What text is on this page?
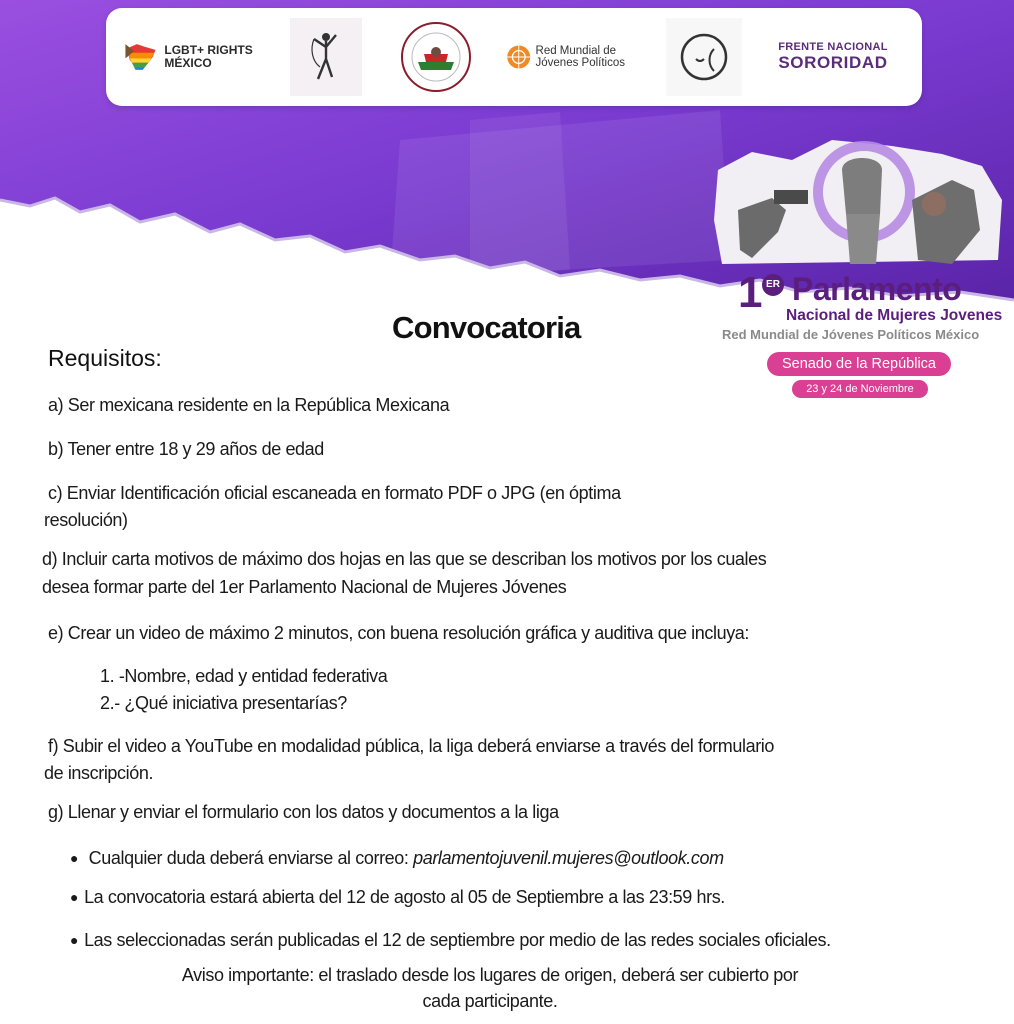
LGBT+ RIGHTS MÉXICO
Red Mundial de Jóvenes Políticos
FRENTE NACIONAL
SORORIDAD
1 ER Parlamento
Nacional de Mujeres Jovenes
Red Mundial de Jóvenes Políticos México
Senado de la República
23 y 24 de Noviembre
Convocatoria
Requisitos:

a) Ser mexicana residente en la República Mexicana

b) Tener entre 18 y 29 años de edad

c) Enviar Identificación oficial escaneada en formato PDF o JPG (en óptima

resolución)

d) Incluir carta motivos de máximo dos hojas en las que se describan los motivos por los cuales

desea formar parte del 1er Parlamento Nacional de Mujeres Jóvenes

e) Crear un video de máximo 2 minutos, con buena resolución gráfica y auditiva que incluya:

1. -Nombre, edad y entidad federativa

2.- ¿Qué iniciativa presentarías?

f) Subir el video a YouTube en modalidad pública, la liga deberá enviarse a través del formulario

de inscripción.

g) Llenar y enviar el formulario con los datos y documentos a la liga

● Cualquier duda deberá enviarse al correo: parlamentojuvenil.mujeres@outlook.com
● La convocatoria estará abierta del 12 de agosto al 05 de Septiembre a las 23:59 hrs.
● Las seleccionadas serán publicadas el 12 de septiembre por medio de las redes sociales oficiales.
Aviso importante: el traslado desde los lugares de origen, deberá ser cubierto por
cada participante.
